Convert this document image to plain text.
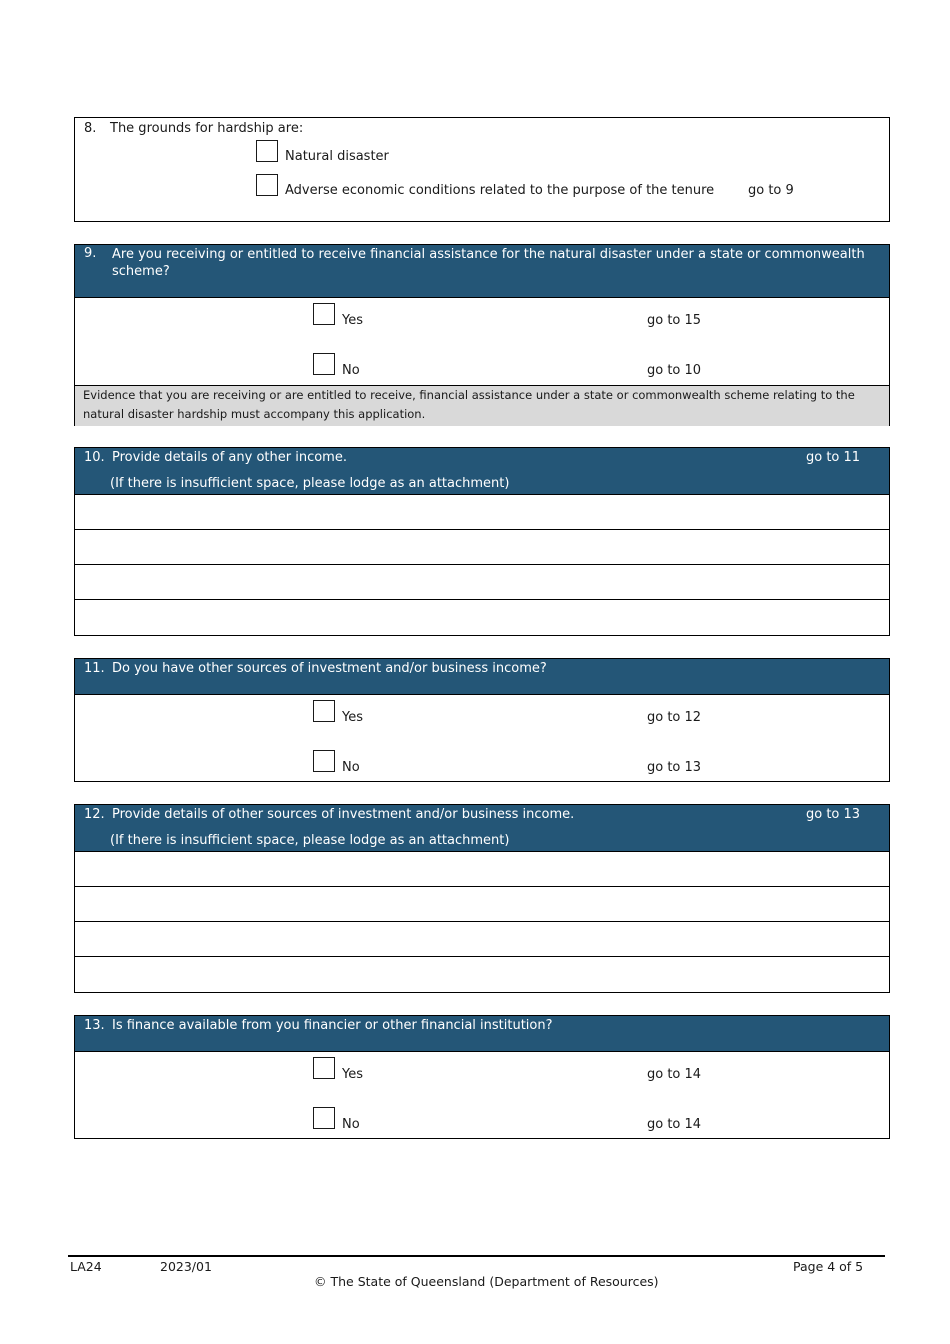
8. The grounds for hardship are:
Natural disaster
Adverse economic conditions related to the purpose of the tenure	go to 9
9. Are you receiving or entitled to receive financial assistance for the natural disaster under a state or commonwealth scheme?
Yes	go to 15
No	go to 10
Evidence that you are receiving or are entitled to receive, financial assistance under a state or commonwealth scheme relating to the natural disaster hardship must accompany this application.
10. Provide details of any other income.	go to 11
(If there is insufficient space, please lodge as an attachment)
11. Do you have other sources of investment and/or business income?
Yes	go to 12
No	go to 13
12. Provide details of other sources of investment and/or business income.	go to 13
(If there is insufficient space, please lodge as an attachment)
13. Is finance available from you financier or other financial institution?
Yes	go to 14
No	go to 14
LA24	2023/01	Page 4 of 5
© The State of Queensland (Department of Resources)
